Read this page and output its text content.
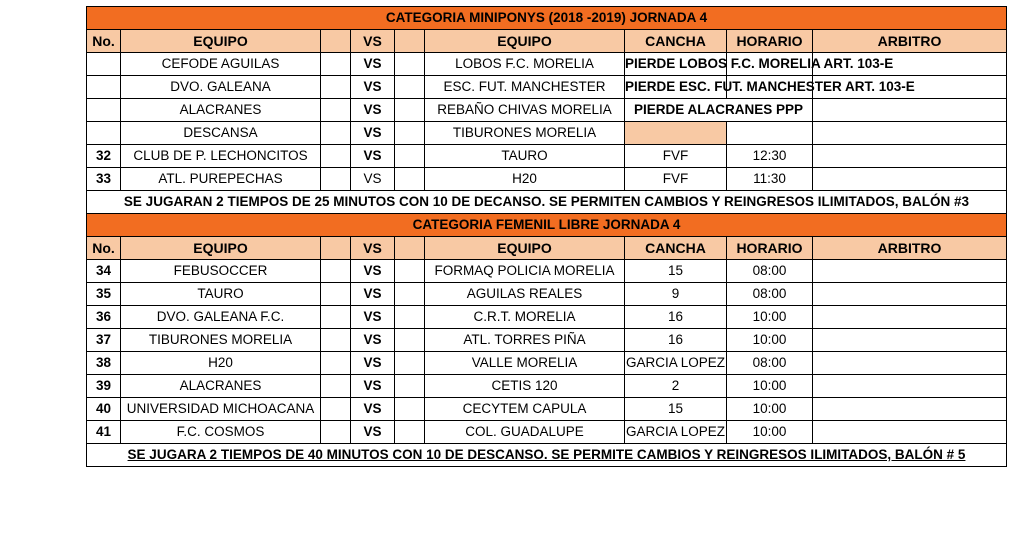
CATEGORIA MINIPONYS (2018 -2019) JORNADA 4								
No.	EQUIPO		VS		EQUIPO	CANCHA	HORARIO	ARBITRO
	CEFODE AGUILAS		VS		LOBOS F.C. MORELIA	PIERDE LOBOS F.C. MORELIA ART. 103-E		
	DVO. GALEANA		VS		ESC. FUT. MANCHESTER	PIERDE ESC. FUT. MANCHESTER ART. 103-E		
	ALACRANES		VS		REBAÑO CHIVAS MORELIA	PIERDE ALACRANES PPP		
	DESCANSA		VS		TIBURONES MORELIA			
32	CLUB DE P. LECHONCITOS		VS		TAURO	FVF	12:30	
33	ATL. PUREPECHAS		VS		H20	FVF	11:30	
SE JUGARAN 2 TIEMPOS DE 25 MINUTOS CON 10 DE DECANSO. SE PERMITEN CAMBIOS Y REINGRESOS ILIMITADOS, BALÓN #3								
CATEGORIA FEMENIL LIBRE JORNADA 4								
No.	EQUIPO		VS		EQUIPO	CANCHA	HORARIO	ARBITRO
34	FEBUSOCCER		VS		FORMAQ POLICIA MORELIA	15	08:00	
35	TAURO		VS		AGUILAS REALES	9	08:00	
36	DVO. GALEANA F.C.		VS		C.R.T. MORELIA	16	10:00	
37	TIBURONES MORELIA		VS		ATL. TORRES PIÑA	16	10:00	
38	H20		VS		VALLE MORELIA	GARCIA LOPEZ	08:00	
39	ALACRANES		VS		CETIS 120	2	10:00	
40	UNIVERSIDAD MICHOACANA		VS		CECYTEM CAPULA	15	10:00	
41	F.C. COSMOS		VS		COL. GUADALUPE	GARCIA LOPEZ	10:00	
SE JUGARA 2 TIEMPOS DE 40 MINUTOS CON 10 DE DESCANSO. SE PERMITE CAMBIOS Y REINGRESOS ILIMITADOS, BALÓN # 5								
